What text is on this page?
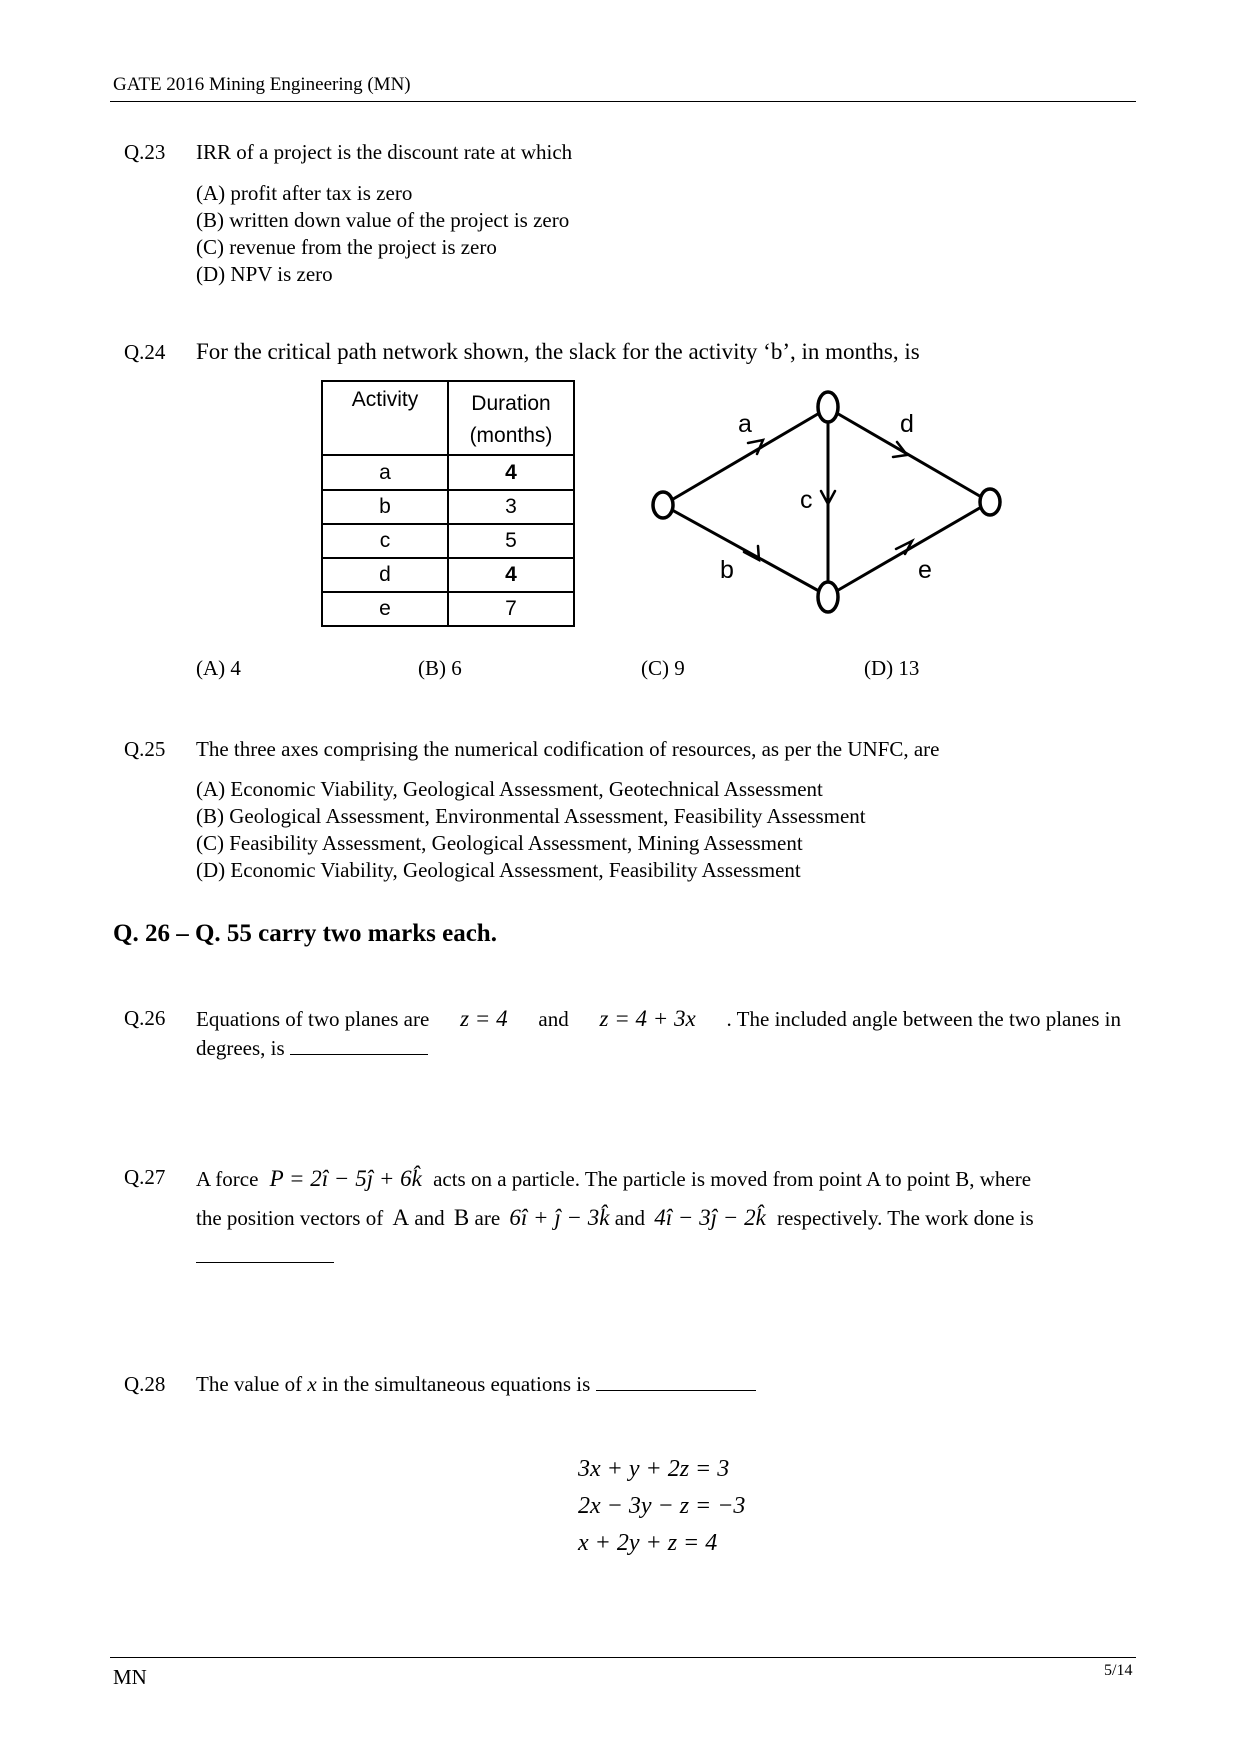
GATE 2016 Mining Engineering (MN)
Q.23 IRR of a project is the discount rate at which
(A) profit after tax is zero
(B) written down value of the project is zero
(C) revenue from the project is zero
(D) NPV is zero
Q.24 For the critical path network shown, the slack for the activity ‘b’, in months, is
Activity	Duration
(months)

a	4
b	3
c	5
d	4
e	7
a	d
c
b	e
(A) 4	(B) 6	(C) 9	(D) 13
Q.25 The three axes comprising the numerical codification of resources, as per the UNFC, are
(A) Economic Viability, Geological Assessment, Geotechnical Assessment
(B) Geological Assessment, Environmental Assessment, Feasibility Assessment
(C) Feasibility Assessment, Geological Assessment, Mining Assessment
(D) Economic Viability, Geological Assessment, Feasibility Assessment
Q. 26 – Q. 55 carry two marks each.
Q.26 Equations of two planes are z = 4 and z = 4 + 3x . The included angle between the two planes in
degrees, is
Q.27 A force P = 2î − 5ĵ + 6k̂ acts on a particle. The particle is moved from point A to point B, where
the position vectors of A and B are 6î + ĵ − 3k̂ and 4î − 3ĵ − 2k̂ respectively. The work done is
Q.28 The value of x in the simultaneous equations is
3x + y + 2z = 3
2x − 3y − z = −3
x + 2y + z = 4
MN	5/14
